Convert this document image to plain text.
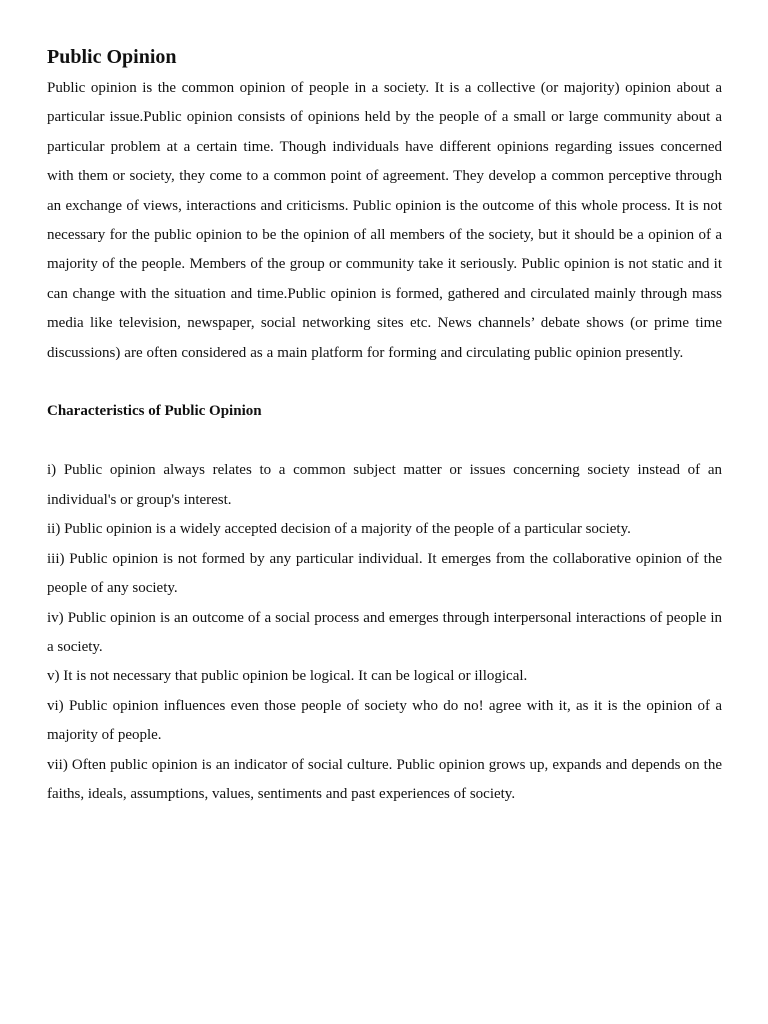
Public Opinion

Public opinion is the common opinion of people in a society. It is a collective (or majority) opinion about a particular issue.Public opinion consists of opinions held by the people of a small or large community about a particular problem at a certain time. Though individuals have different opinions regarding issues concerned with them or society, they come to a common point of agreement. They develop a common perceptive through an exchange of views, interactions and criticisms. Public opinion is the outcome of this whole process. It is not necessary for the public opinion to be the opinion of all members of the society, but it should be a opinion of a majority of the people. Members of the group or community take it seriously. Public opinion is not static and it can change with the situation and time.Public opinion is formed, gathered and circulated mainly through mass media like television, newspaper, social networking sites etc. News channels’ debate shows (or prime time discussions) are often considered as a main platform for forming and circulating public opinion presently.

Characteristics of Public Opinion
i) Public opinion always relates to a common subject matter or issues concerning society instead of an individual's or group's interest.
ii) Public opinion is a widely accepted decision of a majority of the people of a particular society.
iii) Public opinion is not formed by any particular individual. It emerges from the collaborative opinion of the people of any society.
iv) Public opinion is an outcome of a social process and emerges through interpersonal interactions of people in a society.
v) It is not necessary that public opinion be logical. It can be logical or illogical.
vi) Public opinion influences even those people of society who do no! agree with it, as it is the opinion of a majority of people.
vii) Often public opinion is an indicator of social culture. Public opinion grows up, expands and depends on the faiths, ideals, assumptions, values, sentiments and past experiences of society.
